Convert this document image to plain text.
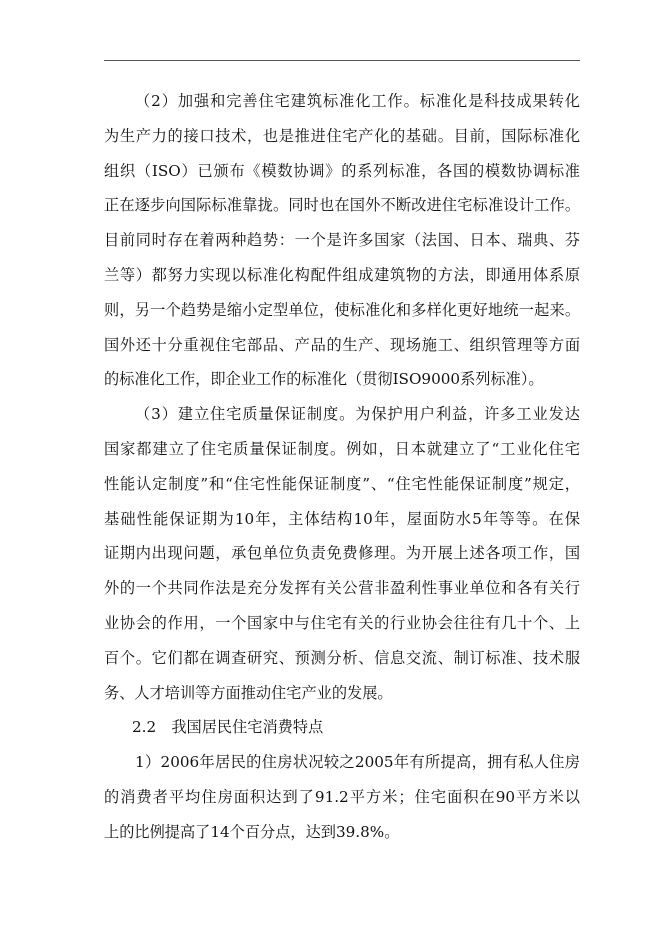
（2）加强和完善住宅建筑标准化工作。标准化是科技成果转化
为生产力的接口技术，也是推进住宅产化的基础。目前，国际标准化
组织（ISO）已颁布《模数协调》的系列标准，各国的模数协调标准
正在逐步向国际标准靠拢。同时也在国外不断改进住宅标准设计工作。
目前同时存在着两种趋势：一个是许多国家（法国、日本、瑞典、芬
兰等）都努力实现以标准化构配件组成建筑物的方法，即通用体系原
则，另一个趋势是缩小定型单位，使标准化和多样化更好地统一起来。
国外还十分重视住宅部品、产品的生产、现场施工、组织管理等方面
的标准化工作，即企业工作的标准化（贯彻ISO9000系列标准）。
（3）建立住宅质量保证制度。为保护用户利益，许多工业发达
国家都建立了住宅质量保证制度。例如，日本就建立了“工业化住宅
性能认定制度”和“住宅性能保证制度”、“住宅性能保证制度”规定，
基础性能保证期为10年，主体结构10年，屋面防水5年等等。在保
证期内出现问题，承包单位负责免费修理。为开展上述各项工作，国
外的一个共同作法是充分发挥有关公营非盈利性事业单位和各有关行
业协会的作用，一个国家中与住宅有关的行业协会往往有几十个、上
百个。它们都在调查研究、预测分析、信息交流、制订标准、技术服
务、人才培训等方面推动住宅产业的发展。
2.2　我国居民住宅消费特点
1）2006年居民的住房状况较之2005年有所提高，拥有私人住房
的消费者平均住房面积达到了91.2平方米；住宅面积在90平方米以
上的比例提高了14个百分点，达到39.8%。
